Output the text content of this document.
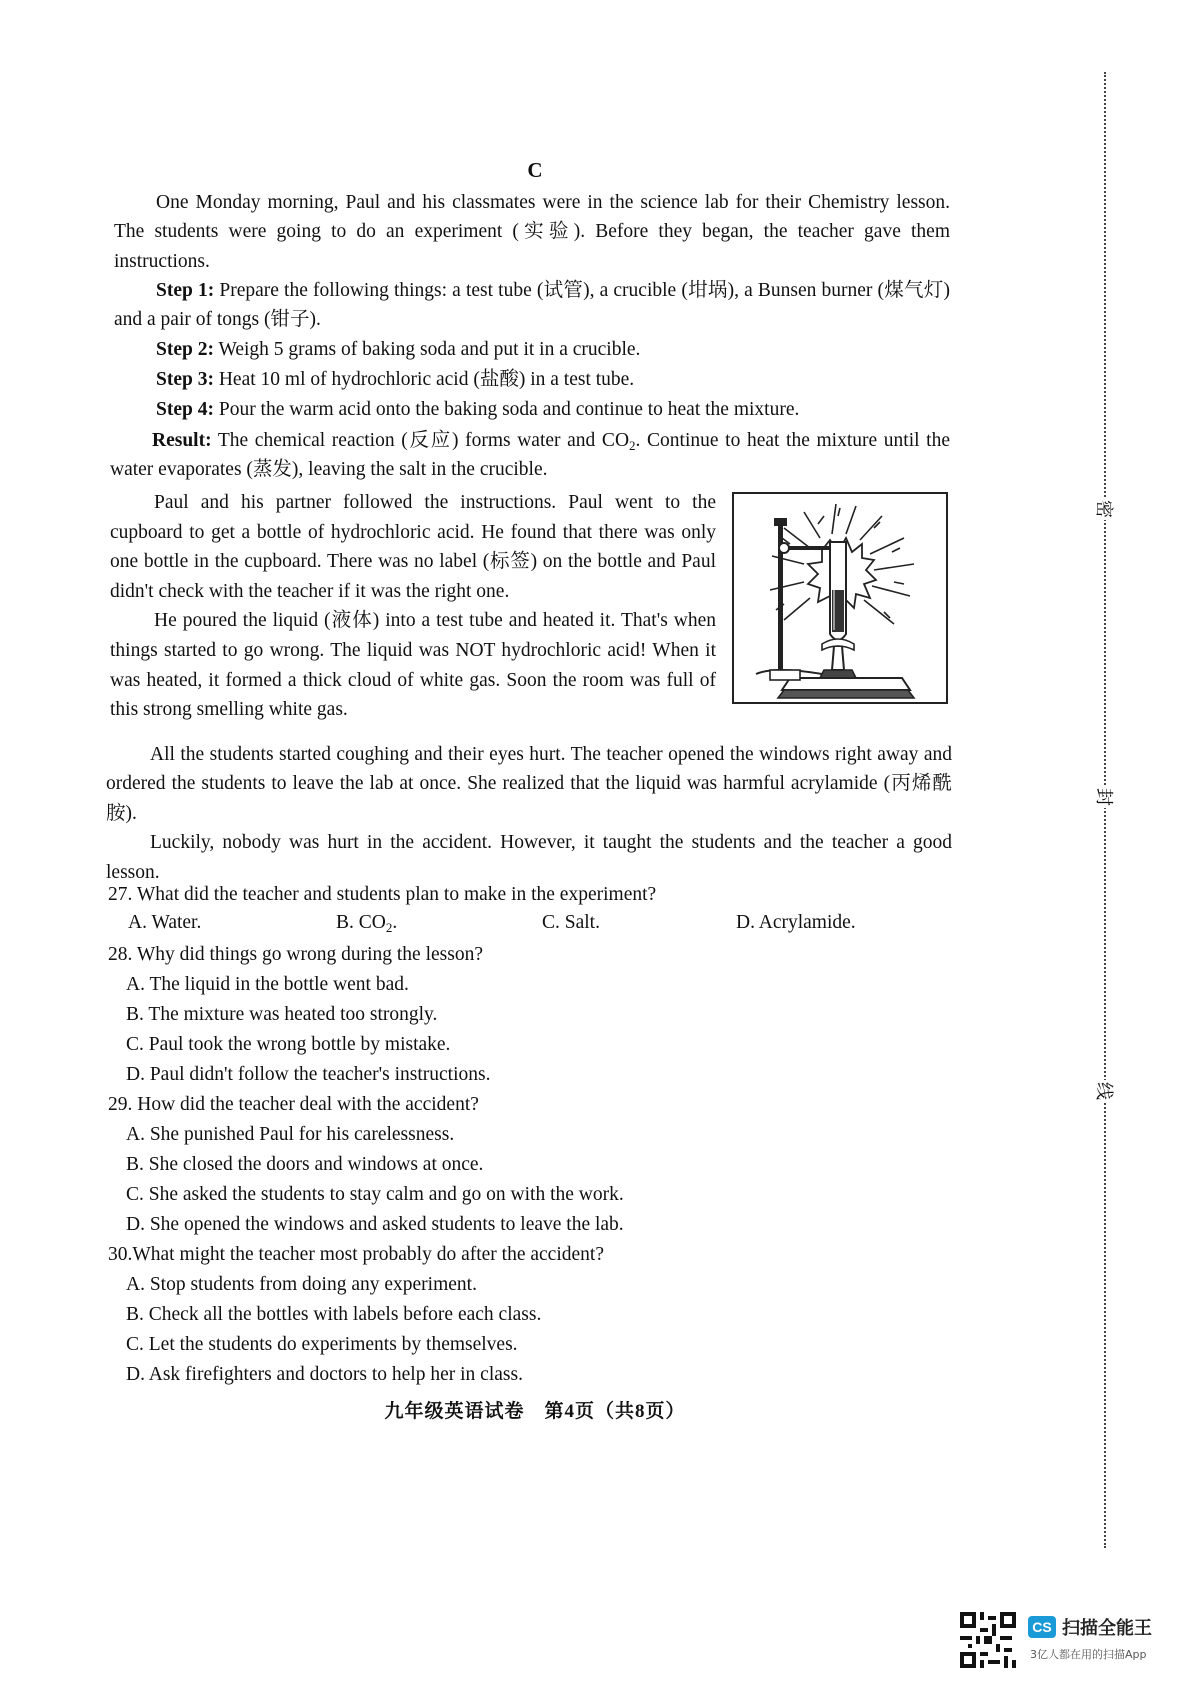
C

One Monday morning, Paul and his classmates were in the science lab for their Chemistry lesson. The students were going to do an experiment (实验). Before they began, the teacher gave them instructions.

Step 1: Prepare the following things: a test tube (试管), a crucible (坩埚), a Bunsen burner (煤气灯) and a pair of tongs (钳子).

Step 2: Weigh 5 grams of baking soda and put it in a crucible.
Step 3: Heat 10 ml of hydrochloric acid (盐酸) in a test tube.
Step 4: Pour the warm acid onto the baking soda and continue to heat the mixture.

Result: The chemical reaction (反应) forms water and $CO_2$. Continue to heat the mixture until the water evaporates (蒸发), leaving the salt in the crucible.

Paul and his partner followed the instructions. Paul went to the cupboard to get a bottle of hydrochloric acid. He found that there was only one bottle in the cupboard. There was no label (标签) on the bottle and Paul didn't check with the teacher if it was the right one.

He poured the liquid (液体) into a test tube and heated it. That's when things started to go wrong. The liquid was NOT hydrochloric acid! When it was heated, it formed a thick cloud of white gas. Soon the room was full of this strong smelling white gas.

All the students started coughing and their eyes hurt. The teacher opened the windows right away and ordered the students to leave the lab at once. She realized that the liquid was harmful acrylamide (丙烯酰胺).

Luckily, nobody was hurt in the accident. However, it taught the students and the teacher a good lesson.

27. What did the teacher and students plan to make in the experiment?
A. Water.	B. $CO_2$.	C. Salt.	D. Acrylamide.
28. Why did things go wrong during the lesson?
A. The liquid in the bottle went bad.
B. The mixture was heated too strongly.
C. Paul took the wrong bottle by mistake.
D. Paul didn't follow the teacher's instructions.
29. How did the teacher deal with the accident?
A. She punished Paul for his carelessness.
B. She closed the doors and windows at once.
C. She asked the students to stay calm and go on with the work.
D. She opened the windows and asked students to leave the lab.
30.What might the teacher most probably do after the accident?
A. Stop students from doing any experiment.
B. Check all the bottles with labels before each class.
C. Let the students do experiments by themselves.
D. Ask firefighters and doctors to help her in class.
九年级英语试卷　第4页（共8页）
密
封
线
CS 扫描全能王
3亿人都在用的扫描App
